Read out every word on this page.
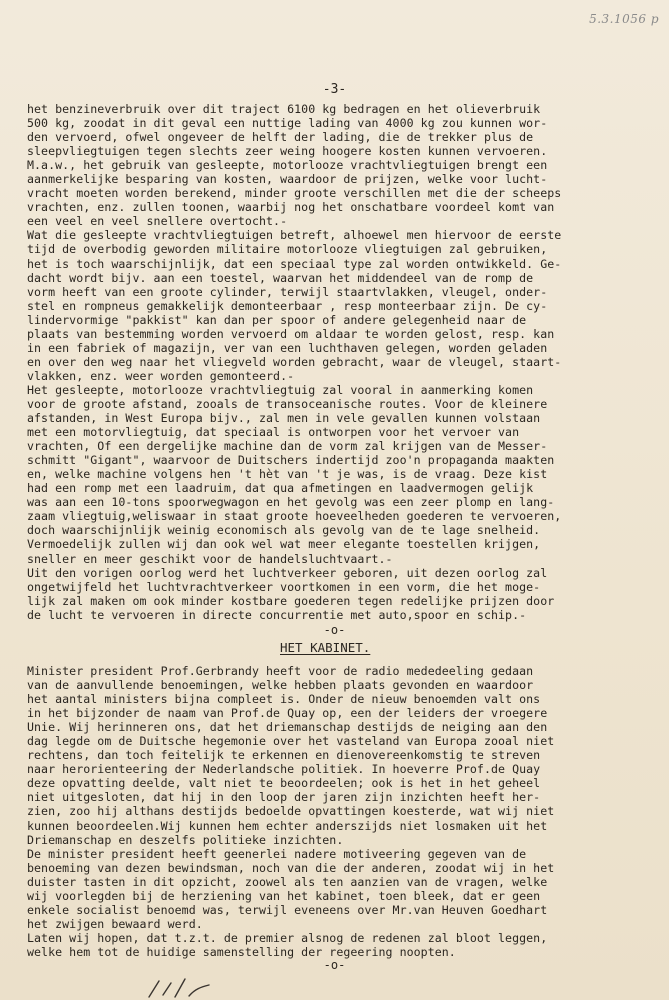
5.3.1056 p
-3-
het benzineverbruik over dit traject 6100 kg bedragen en het olieverbruik
500 kg, zoodat in dit geval een nuttige lading van 4000 kg zou kunnen wor-
den vervoerd, ofwel ongeveer de helft der lading, die de trekker plus de
sleepvliegtuigen tegen slechts zeer weing hoogere kosten kunnen vervoeren.
M.a.w., het gebruik van gesleepte, motorlooze vrachtvliegtuigen brengt een
aanmerkelijke besparing van kosten, waardoor de prijzen, welke voor lucht-
vracht moeten worden berekend, minder groote verschillen met die der scheeps
vrachten, enz. zullen toonen, waarbij nog het onschatbare voordeel komt van
een veel en veel snellere overtocht.-
Wat die gesleepte vrachtvliegtuigen betreft, alhoewel men hiervoor de eerste
tijd de overbodig geworden militaire motorlooze vliegtuigen zal gebruiken,
het is toch waarschijnlijk, dat een speciaal type zal worden ontwikkeld. Ge-
dacht wordt bijv. aan een toestel, waarvan het middendeel van de romp de
vorm heeft van een groote cylinder, terwijl staartvlakken, vleugel, onder-
stel en rompneus gemakkelijk demonteerbaar , resp monteerbaar zijn. De cy-
lindervormige "pakkist" kan dan per spoor of andere gelegenheid naar de
plaats van bestemming worden vervoerd om aldaar te worden gelost, resp. kan
in een fabriek of magazijn, ver van een luchthaven gelegen, worden geladen
en over den weg naar het vliegveld worden gebracht, waar de vleugel, staart-
vlakken, enz. weer worden gemonteerd.-
Het gesleepte, motorlooze vrachtvliegtuig zal vooral in aanmerking komen
voor de groote afstand, zooals de transoceanische routes. Voor de kleinere
afstanden, in West Europa bijv., zal men in vele gevallen kunnen volstaan
met een motorvliegtuig, dat speciaal is ontworpen voor het vervoer van
vrachten, Of een dergelijke machine dan de vorm zal krijgen van de Messer-
schmitt "Gigant", waarvoor de Duitschers indertijd zoo'n propaganda maakten
en, welke machine volgens hen 't hèt van 't je was, is de vraag. Deze kist
had een romp met een laadruim, dat qua afmetingen en laadvermogen gelijk
was aan een 10-tons spoorwegwagon en het gevolg was een zeer plomp en lang-
zaam vliegtuig,weliswaar in staat groote hoeveelheden goederen te vervoeren,
doch waarschijnlijk weinig economisch als gevolg van de te lage snelheid.
Vermoedelijk zullen wij dan ook wel wat meer elegante toestellen krijgen,
sneller en meer geschikt voor de handelsluchtvaart.-
Uit den vorigen oorlog werd het luchtverkeer geboren, uit dezen oorlog zal
ongetwijfeld het luchtvrachtverkeer voortkomen in een vorm, die het moge-
lijk zal maken om ook minder kostbare goederen tegen redelijke prijzen door
de lucht te vervoeren in directe concurrentie met auto,spoor en schip.-
-o-
HET KABINET.
Minister president Prof.Gerbrandy heeft voor de radio mededeeling gedaan
van de aanvullende benoemingen, welke hebben plaats gevonden en waardoor
het aantal ministers bijna compleet is. Onder de nieuw benoemden valt ons
in het bijzonder de naam van Prof.de Quay op, een der leiders der vroegere
Unie. Wij herinneren ons, dat het driemanschap destijds de neiging aan den
dag legde om de Duitsche hegemonie over het vasteland van Europa zooal niet
rechtens, dan toch feitelijk te erkennen en dienovereenkomstig te streven
naar herorienteering der Nederlandsche politiek. In hoeverre Prof.de Quay
deze opvatting deelde, valt niet te beoordeelen; ook is het in het geheel
niet uitgesloten, dat hij in den loop der jaren zijn inzichten heeft her-
zien, zoo hij althans destijds bedoelde opvattingen koesterde, wat wij niet
kunnen beoordeelen.Wij kunnen hem echter anderszijds niet losmaken uit het
Driemanschap en deszelfs politieke inzichten.
De minister president heeft geenerlei nadere motiveering gegeven van de
benoeming van dezen bewindsman, noch van die der anderen, zoodat wij in het
duister tasten in dit opzicht, zoowel als ten aanzien van de vragen, welke
wij voorlegden bij de herziening van het kabinet, toen bleek, dat er geen
enkele socialist benoemd was, terwijl eveneens over Mr.van Heuven Goedhart
het zwijgen bewaard werd.
Laten wij hopen, dat t.z.t. de premier alsnog de redenen zal bloot leggen,
welke hem tot de huidige samenstelling der regeering noopten.
-o-
